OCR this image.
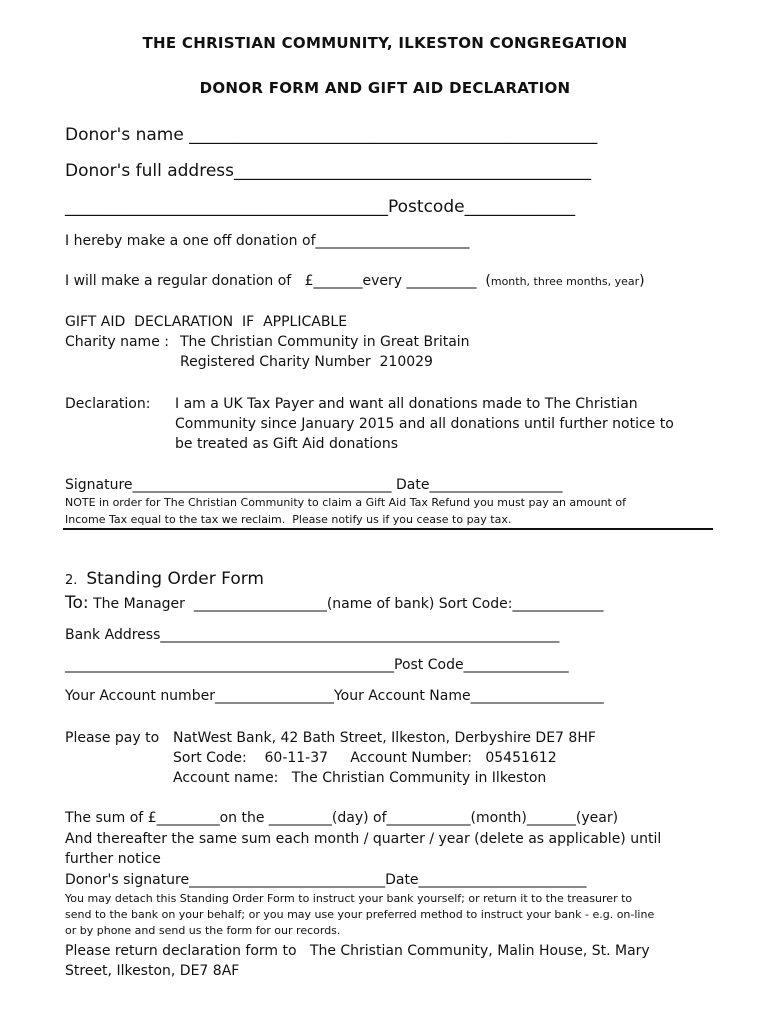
THE CHRISTIAN COMMUNITY, ILKESTON CONGREGATION
DONOR FORM AND GIFT AID DECLARATION
Donor's name ________________________________________________
Donor's full address__________________________________________
______________________________________Postcode_____________
I hereby make a one off donation of______________________
I will make a regular donation of   £_______every __________  (month, three months, year)
GIFT AID  DECLARATION  IF  APPLICABLE
Charity name : The Christian Community in Great Britain
Registered Charity Number  210029
Declaration: I am a UK Tax Payer and want all donations made to The Christian
Community since January 2015 and all donations until further notice to
be treated as Gift Aid donations
Signature_____________________________________ Date___________________
NOTE in order for The Christian Community to claim a Gift Aid Tax Refund you must pay an amount of
Income Tax equal to the tax we reclaim.  Please notify us if you cease to pay tax.
2. Standing Order Form
To: The Manager  ___________________(name of bank) Sort Code:_____________
Bank Address_________________________________________________________
_______________________________________________Post Code_______________
Your Account number_________________Your Account Name___________________
Please pay to NatWest Bank, 42 Bath Street, Ilkeston, Derbyshire DE7 8HF
Sort Code:    60-11-37     Account Number:   05451612
Account name:   The Christian Community in Ilkeston
The sum of £_________on the _________(day) of____________(month)_______(year)
And thereafter the same sum each month / quarter / year (delete as applicable) until
further notice
Donor's signature____________________________Date________________________
You may detach this Standing Order Form to instruct your bank yourself; or return it to the treasurer to
send to the bank on your behalf; or you may use your preferred method to instruct your bank - e.g. on-line
or by phone and send us the form for our records.
Please return declaration form to   The Christian Community, Malin House, St. Mary
Street, Ilkeston, DE7 8AF
